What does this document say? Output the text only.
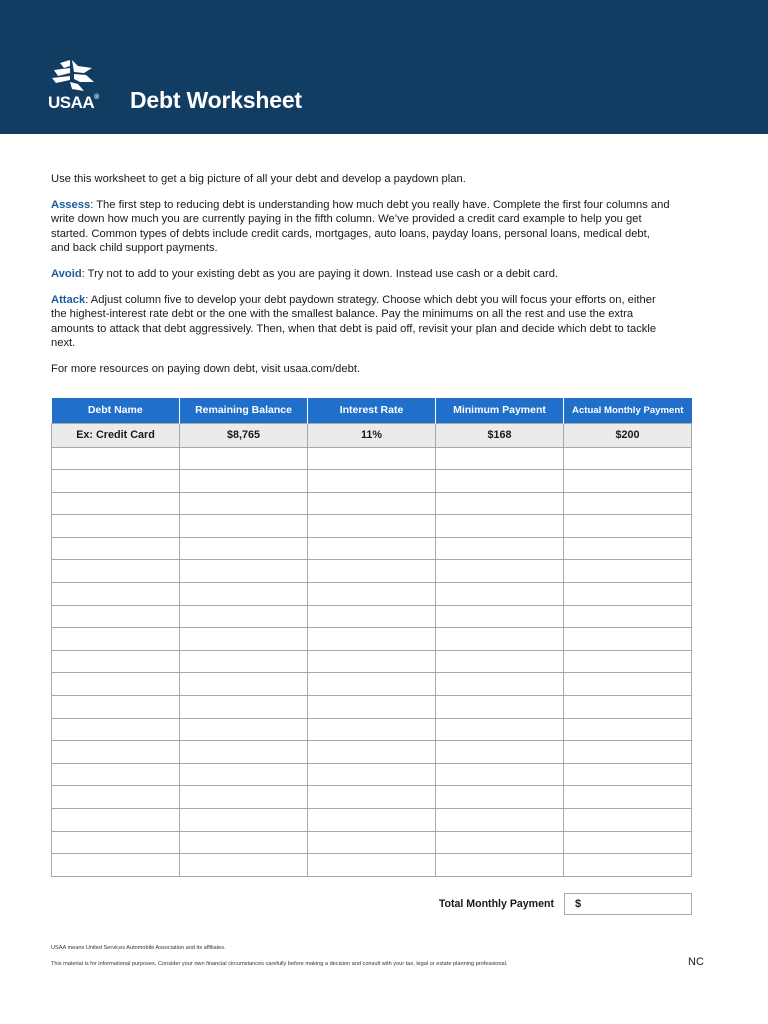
USAA® Debt Worksheet

Use this worksheet to get a big picture of all your debt and develop a paydown plan.

Assess: The first step to reducing debt is understanding how much debt you really have. Complete the first four columns and write down how much you are currently paying in the fifth column. We’ve provided a credit card example to help you get started. Common types of debts include credit cards, mortgages, auto loans, payday loans, personal loans, medical debt, and back child support payments.

Avoid: Try not to add to your existing debt as you are paying it down. Instead use cash or a debit card.

Attack: Adjust column five to develop your debt paydown strategy. Choose which debt you will focus your efforts on, either the highest-interest rate debt or the one with the smallest balance. Pay the minimums on all the rest and use the extra amounts to attack that debt aggressively. Then, when that debt is paid off, revisit your plan and decide which debt to tackle next.

For more resources on paying down debt, visit usaa.com/debt.

Debt Name	Remaining Balance	Interest Rate	Minimum Payment	Actual Monthly Payment
Ex: Credit Card	$8,765	11%	$168	$200

Total Monthly Payment	$
USAA means United Services Automobile Association and its affiliates.
This material is for informational purposes. Consider your own financial circumstances carefully before making a decision and consult with your tax, legal or estate planning professional.	NC
